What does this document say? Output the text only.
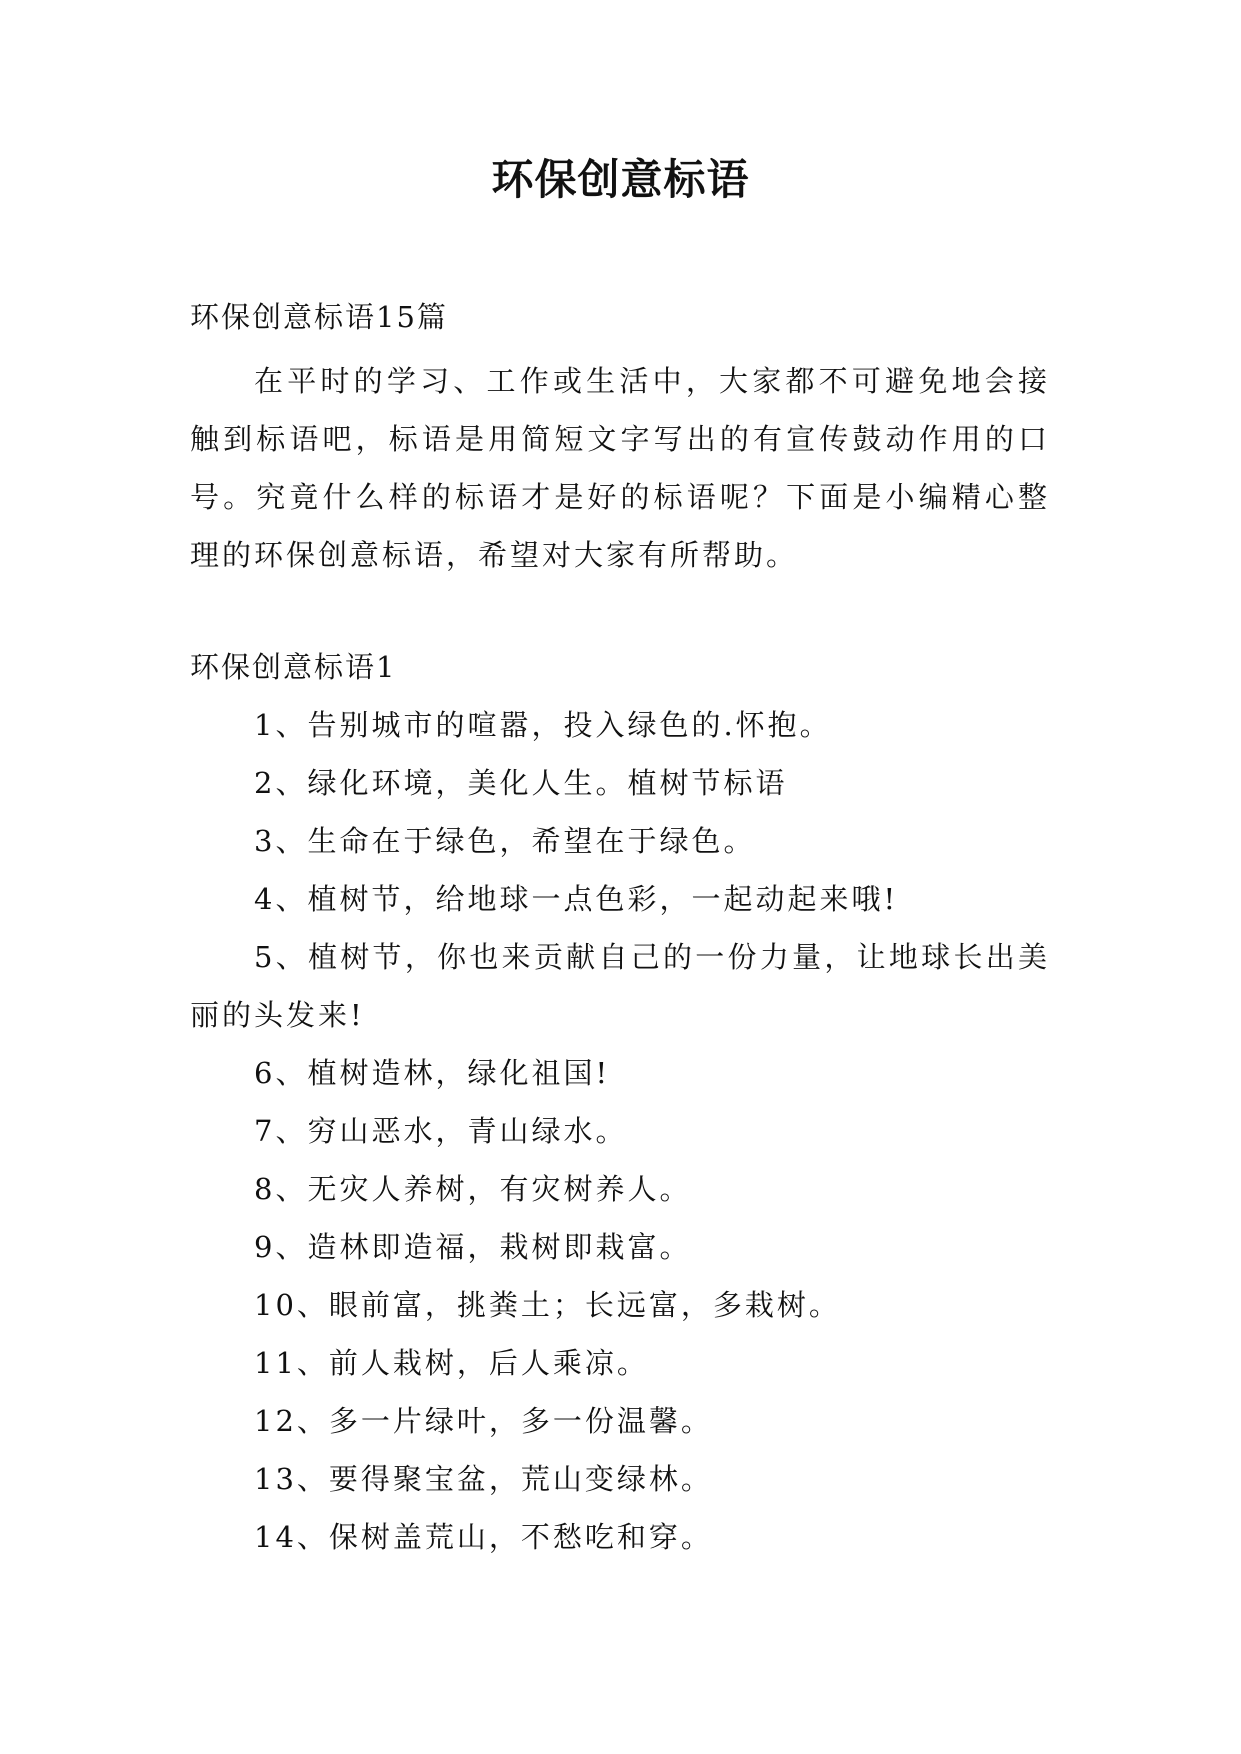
环保创意标语
环保创意标语15篇
在平时的学习、工作或生活中，大家都不可避免地会接触到标语吧，标语是用简短文字写出的有宣传鼓动作用的口号。究竟什么样的标语才是好的标语呢？下面是小编精心整理的环保创意标语，希望对大家有所帮助。
环保创意标语1
1、告别城市的喧嚣，投入绿色的.怀抱。
2、绿化环境，美化人生。植树节标语
3、生命在于绿色，希望在于绿色。
4、植树节，给地球一点色彩，一起动起来哦!
5、植树节，你也来贡献自己的一份力量，让地球长出美丽的头发来!
6、植树造林，绿化祖国!
7、穷山恶水，青山绿水。
8、无灾人养树，有灾树养人。
9、造林即造福，栽树即栽富。
10、眼前富，挑粪土；长远富，多栽树。
11、前人栽树，后人乘凉。
12、多一片绿叶，多一份温馨。
13、要得聚宝盆，荒山变绿林。
14、保树盖荒山，不愁吃和穿。
